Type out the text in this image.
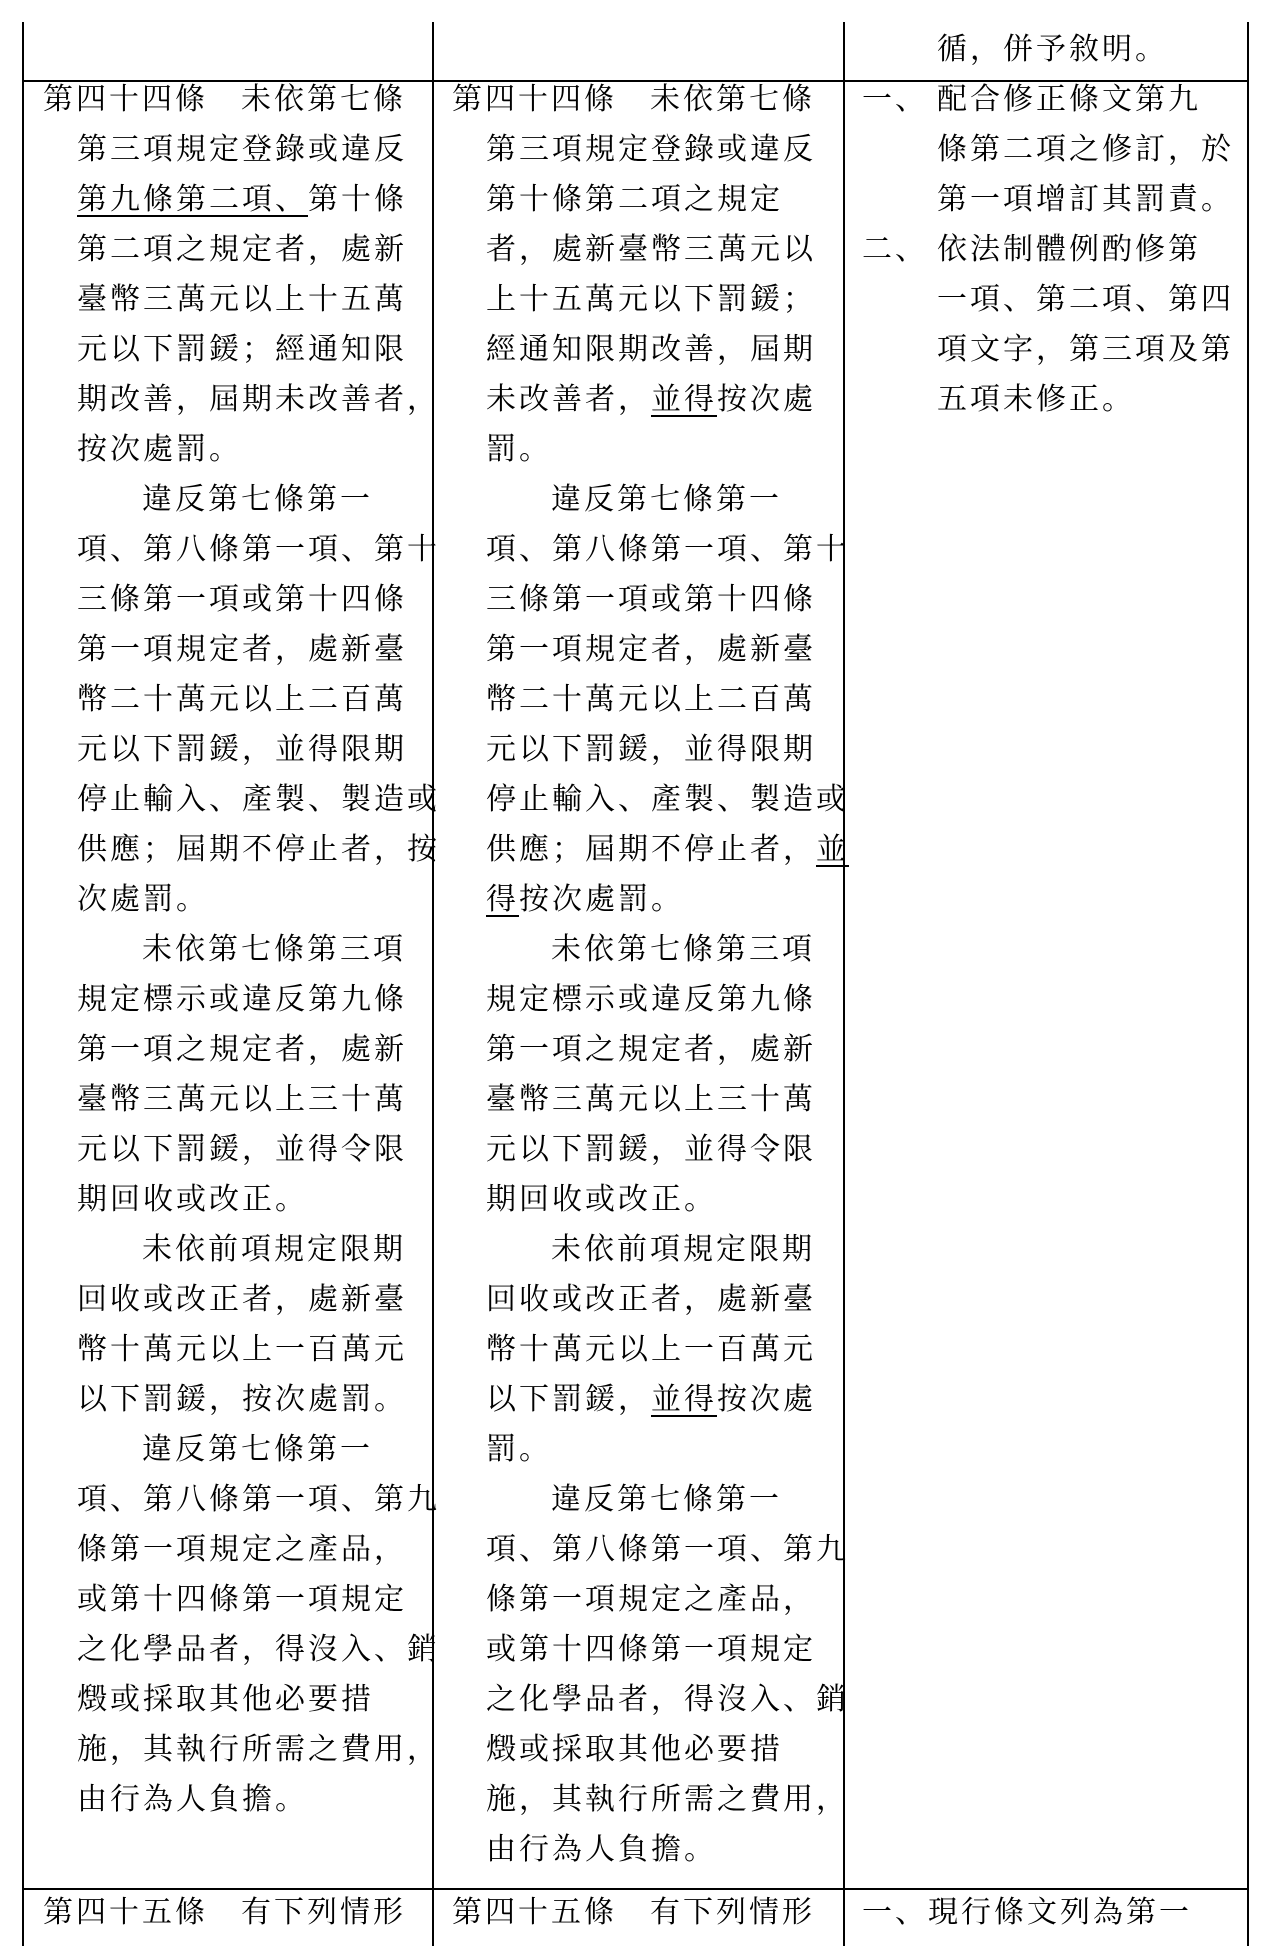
循，併予敘明。
第四十四條　未依第七條
第三項規定登錄或違反
第九條第二項、第十條
第二項之規定者，處新
臺幣三萬元以上十五萬
元以下罰鍰；經通知限
期改善，屆期未改善者，
按次處罰。
違反第七條第一
項、第八條第一項、第十
三條第一項或第十四條
第一項規定者，處新臺
幣二十萬元以上二百萬
元以下罰鍰，並得限期
停止輸入、產製、製造或
供應；屆期不停止者，按
次處罰。
未依第七條第三項
規定標示或違反第九條
第一項之規定者，處新
臺幣三萬元以上三十萬
元以下罰鍰，並得令限
期回收或改正。
未依前項規定限期
回收或改正者，處新臺
幣十萬元以上一百萬元
以下罰鍰，按次處罰。
違反第七條第一
項、第八條第一項、第九
條第一項規定之產品，
或第十四條第一項規定
之化學品者，得沒入、銷
燬或採取其他必要措
施，其執行所需之費用，
由行為人負擔。
第四十四條　未依第七條
第三項規定登錄或違反
第十條第二項之規定
者，處新臺幣三萬元以
上十五萬元以下罰鍰；
經通知限期改善，屆期
未改善者，並得按次處
罰。
違反第七條第一
項、第八條第一項、第十
三條第一項或第十四條
第一項規定者，處新臺
幣二十萬元以上二百萬
元以下罰鍰，並得限期
停止輸入、產製、製造或
供應；屆期不停止者，並
得按次處罰。
未依第七條第三項
規定標示或違反第九條
第一項之規定者，處新
臺幣三萬元以上三十萬
元以下罰鍰，並得令限
期回收或改正。
未依前項規定限期
回收或改正者，處新臺
幣十萬元以上一百萬元
以下罰鍰，並得按次處
罰。
違反第七條第一
項、第八條第一項、第九
條第一項規定之產品，
或第十四條第一項規定
之化學品者，得沒入、銷
燬或採取其他必要措
施，其執行所需之費用，
由行為人負擔。
一、 配合修正條文第九
條第二項之修訂，於
第一項增訂其罰責。
二、 依法制體例酌修第
一項、第二項、第四
項文字，第三項及第
五項未修正。
第四十五條　有下列情形 第四十五條　有下列情形 一、現行條文列為第一
